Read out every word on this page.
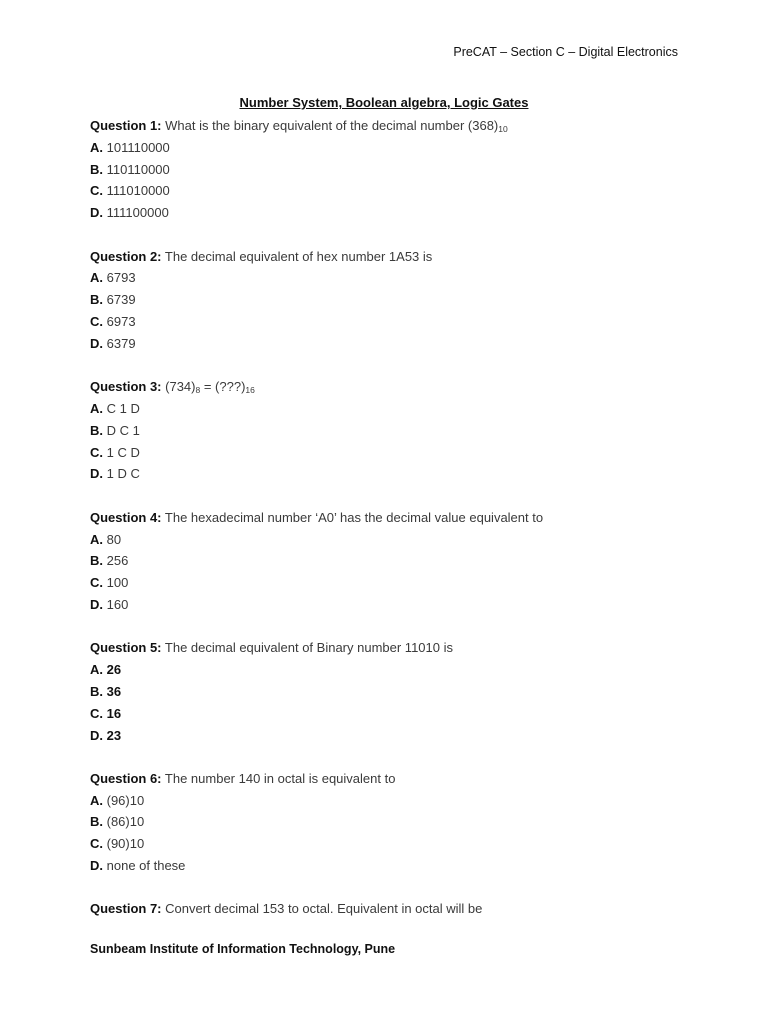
PreCAT – Section C – Digital Electronics
Number System, Boolean algebra, Logic Gates
Question 1: What is the binary equivalent of the decimal number $(368)_{10}$
A. 101110000
B. 110110000
C. 111010000
D. 111100000
Question 2: The decimal equivalent of hex number 1A53 is
A. 6793
B. 6739
C. 6973
D. 6379
Question 3: $(734)_8$ = $(???)_{16}$
A. C 1 D
B. D C 1
C. 1 C D
D. 1 D C
Question 4: The hexadecimal number ‘A0’ has the decimal value equivalent to
A. 80
B. 256
C. 100
D. 160
Question 5: The decimal equivalent of Binary number 11010 is
A. 26
B. 36
C. 16
D. 23
Question 6: The number 140 in octal is equivalent to
A. (96)10
B. (86)10
C. (90)10
D. none of these
Question 7: Convert decimal 153 to octal. Equivalent in octal will be
Sunbeam Institute of Information Technology, Pune
